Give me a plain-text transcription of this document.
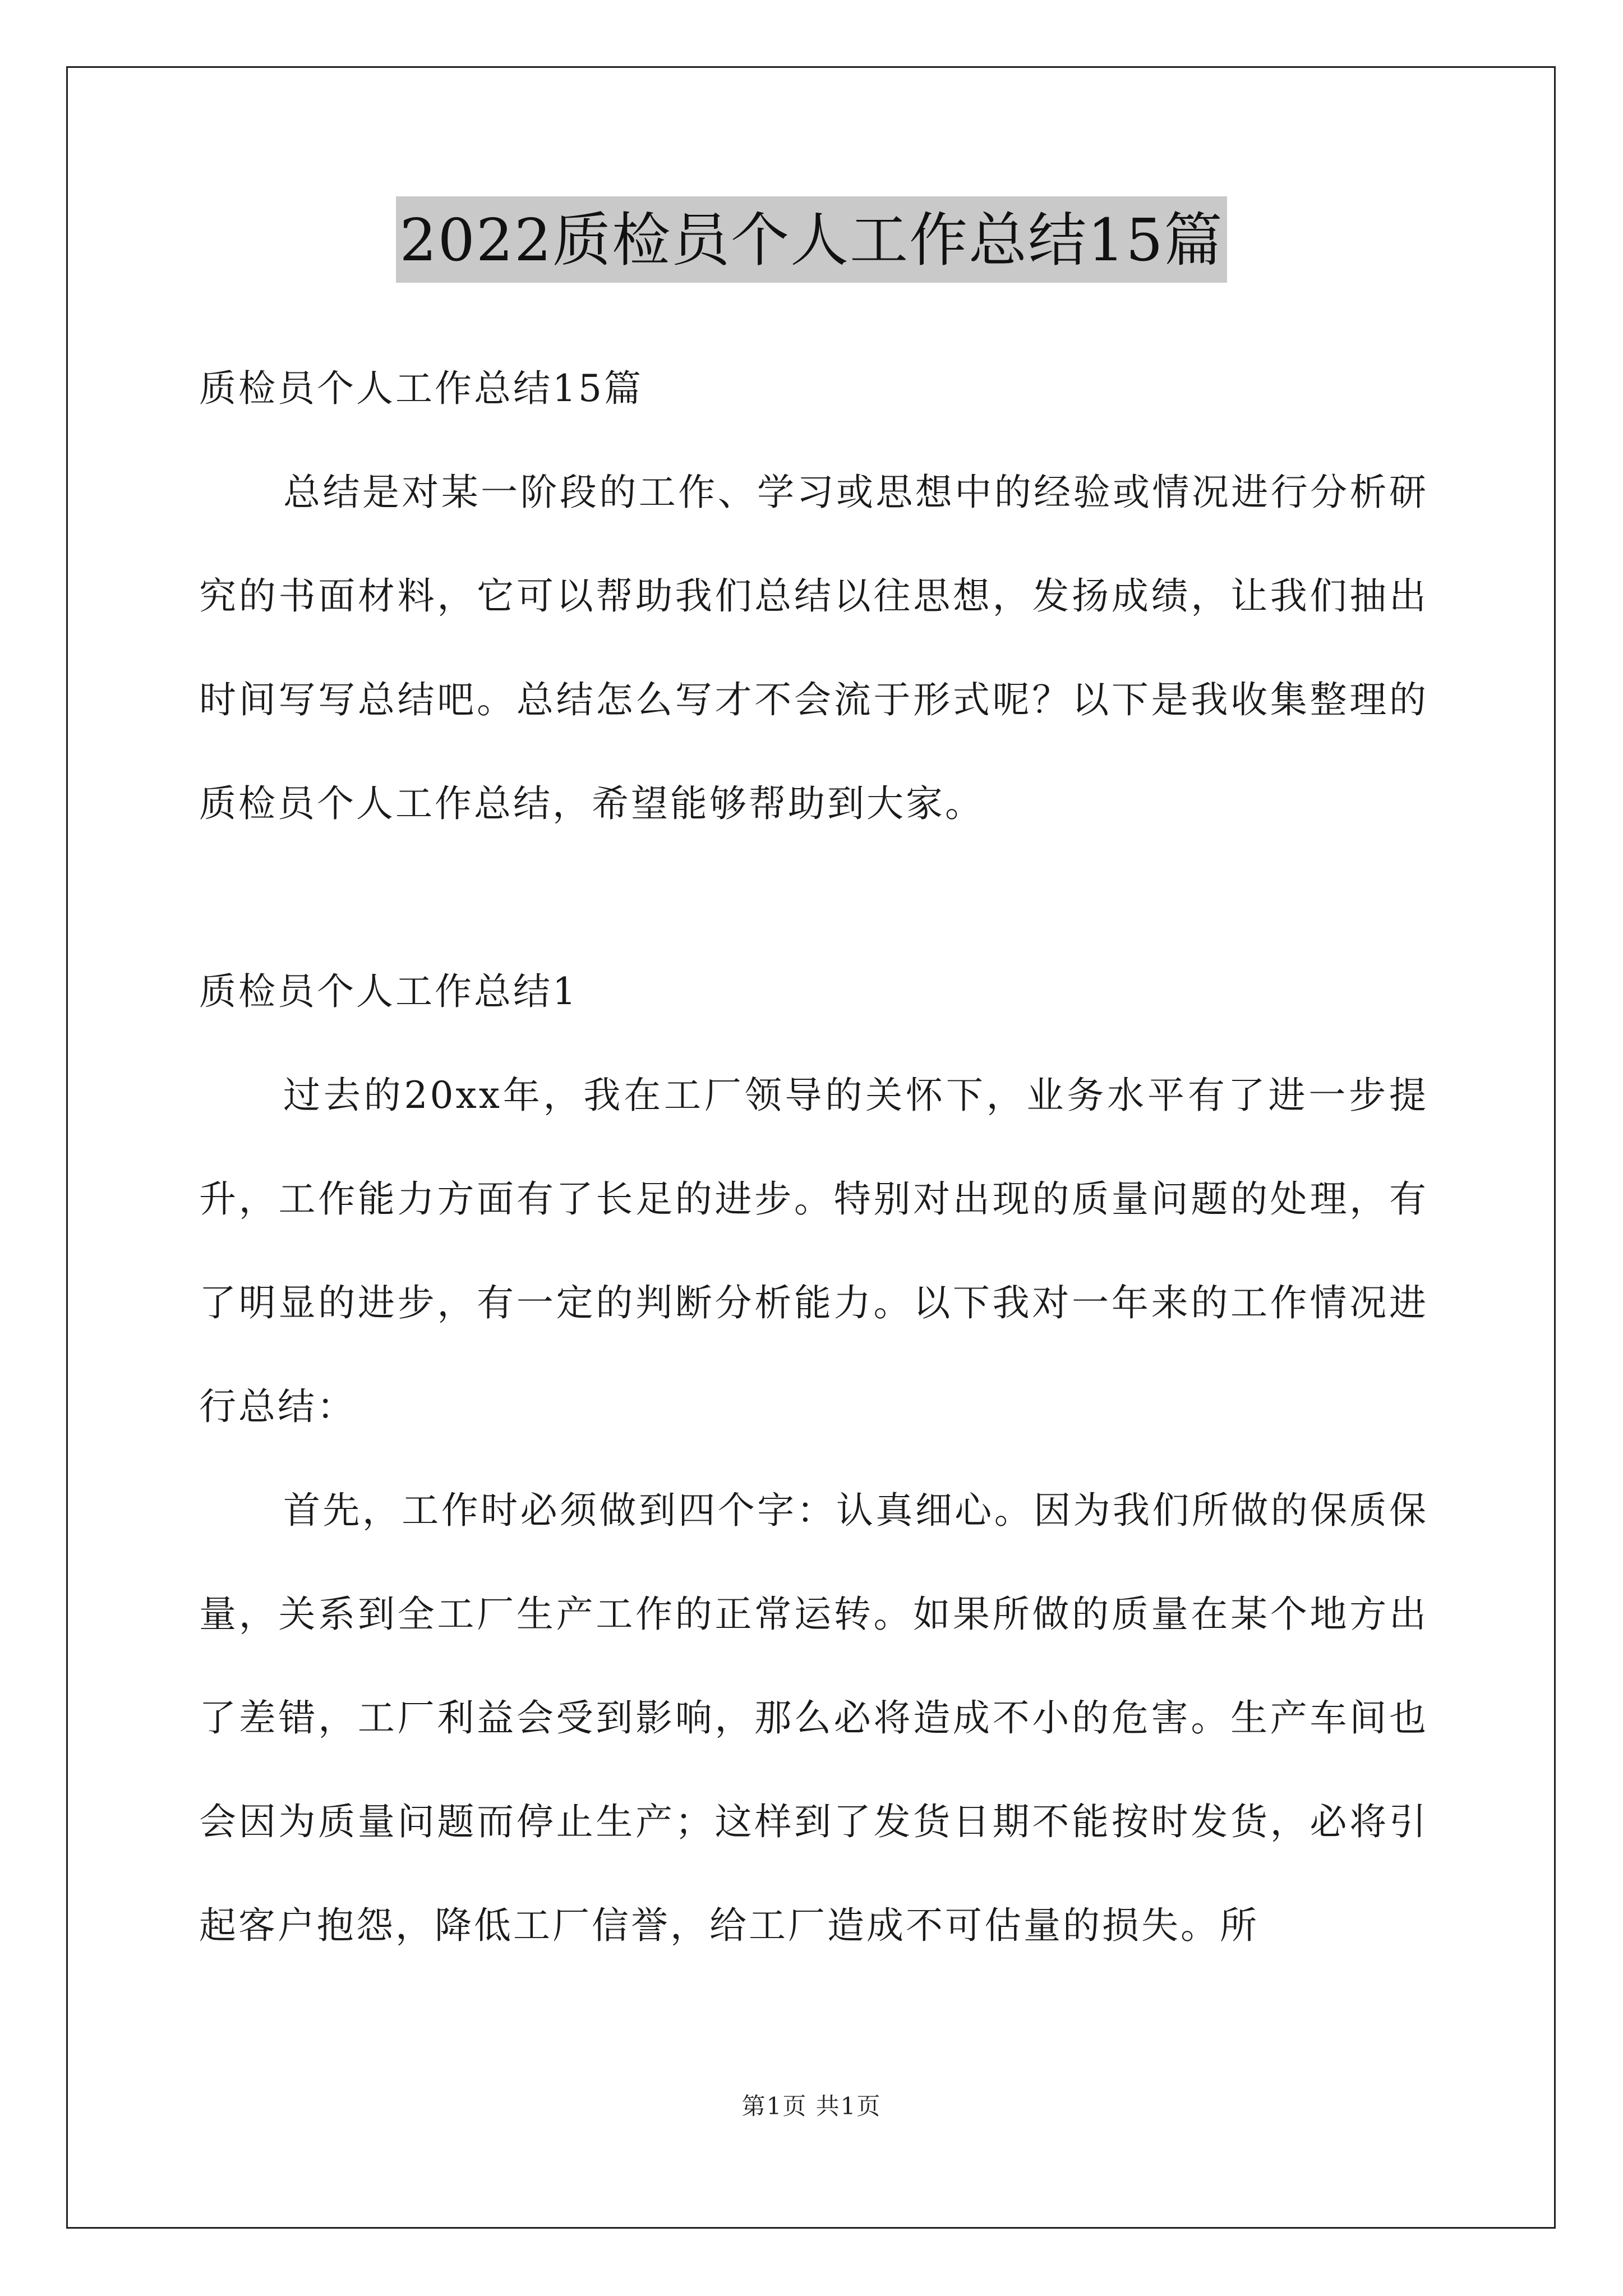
2022质检员个人工作总结15篇

质检员个人工作总结15篇

总结是对某一阶段的工作、学习或思想中的经验或情况进行分析研究的书面材料，它可以帮助我们总结以往思想，发扬成绩，让我们抽出时间写写总结吧。总结怎么写才不会流于形式呢？以下是我收集整理的质检员个人工作总结，希望能够帮助到大家。

质检员个人工作总结1

过去的20xx年，我在工厂领导的关怀下，业务水平有了进一步提升，工作能力方面有了长足的进步。特别对出现的质量问题的处理，有了明显的进步，有一定的判断分析能力。以下我对一年来的工作情况进行总结：

首先，工作时必须做到四个字：认真细心。因为我们所做的保质保量，关系到全工厂生产工作的正常运转。如果所做的质量在某个地方出了差错，工厂利益会受到影响，那么必将造成不小的危害。生产车间也会因为质量问题而停止生产；这样到了发货日期不能按时发货，必将引起客户抱怨，降低工厂信誉，给工厂造成不可估量的损失。所

第1页 共1页
